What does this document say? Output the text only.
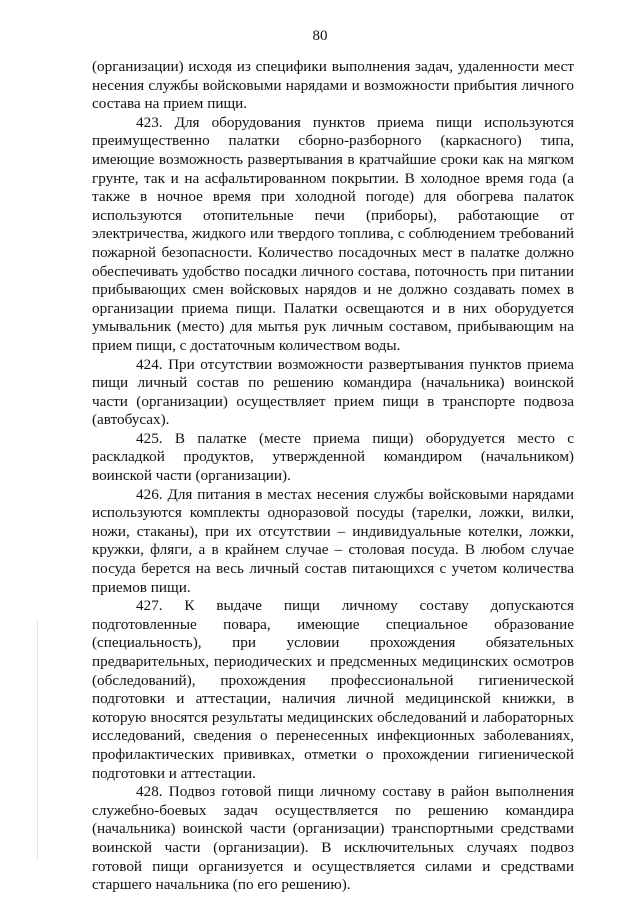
80

(организации) исходя из специфики выполнения задач, удаленности мест несения службы войсковыми нарядами и возможности прибытия личного состава на прием пищи.

423. Для оборудования пунктов приема пищи используются преимущественно палатки сборно-разборного (каркасного) типа, имеющие возможность развертывания в кратчайшие сроки как на мягком грунте, так и на асфальтированном покрытии. В холодное время года (а также в ночное время при холодной погоде) для обогрева палаток используются отопительные печи (приборы), работающие от электричества, жидкого или твердого топлива, с соблюдением требований пожарной безопасности. Количество посадочных мест в палатке должно обеспечивать удобство посадки личного состава, поточность при питании прибывающих смен войсковых нарядов и не должно создавать помех в организации приема пищи. Палатки освещаются и в них оборудуется умывальник (место) для мытья рук личным составом, прибывающим на прием пищи, с достаточным количеством воды.

424. При отсутствии возможности развертывания пунктов приема пищи личный состав по решению командира (начальника) воинской части (организации) осуществляет прием пищи в транспорте подвоза (автобусах).

425. В палатке (месте приема пищи) оборудуется место с раскладкой продуктов, утвержденной командиром (начальником) воинской части (организации).

426. Для питания в местах несения службы войсковыми нарядами используются комплекты одноразовой посуды (тарелки, ложки, вилки, ножи, стаканы), при их отсутствии – индивидуальные котелки, ложки, кружки, фляги, а в крайнем случае – столовая посуда. В любом случае посуда берется на весь личный состав питающихся с учетом количества приемов пищи.

427. К выдаче пищи личному составу допускаются подготовленные повара, имеющие специальное образование (специальность), при условии прохождения обязательных предварительных, периодических и предсменных медицинских осмотров (обследований), прохождения профессиональной гигиенической подготовки и аттестации, наличия личной медицинской книжки, в которую вносятся результаты медицинских обследований и лабораторных исследований, сведения о перенесенных инфекционных заболеваниях, профилактических прививках, отметки о прохождении гигиенической подготовки и аттестации.

428. Подвоз готовой пищи личному составу в район выполнения служебно-боевых задач осуществляется по решению командира (начальника) воинской части (организации) транспортными средствами воинской части (организации). В исключительных случаях подвоз готовой пищи организуется и осуществляется силами и средствами старшего начальника (по его решению).
